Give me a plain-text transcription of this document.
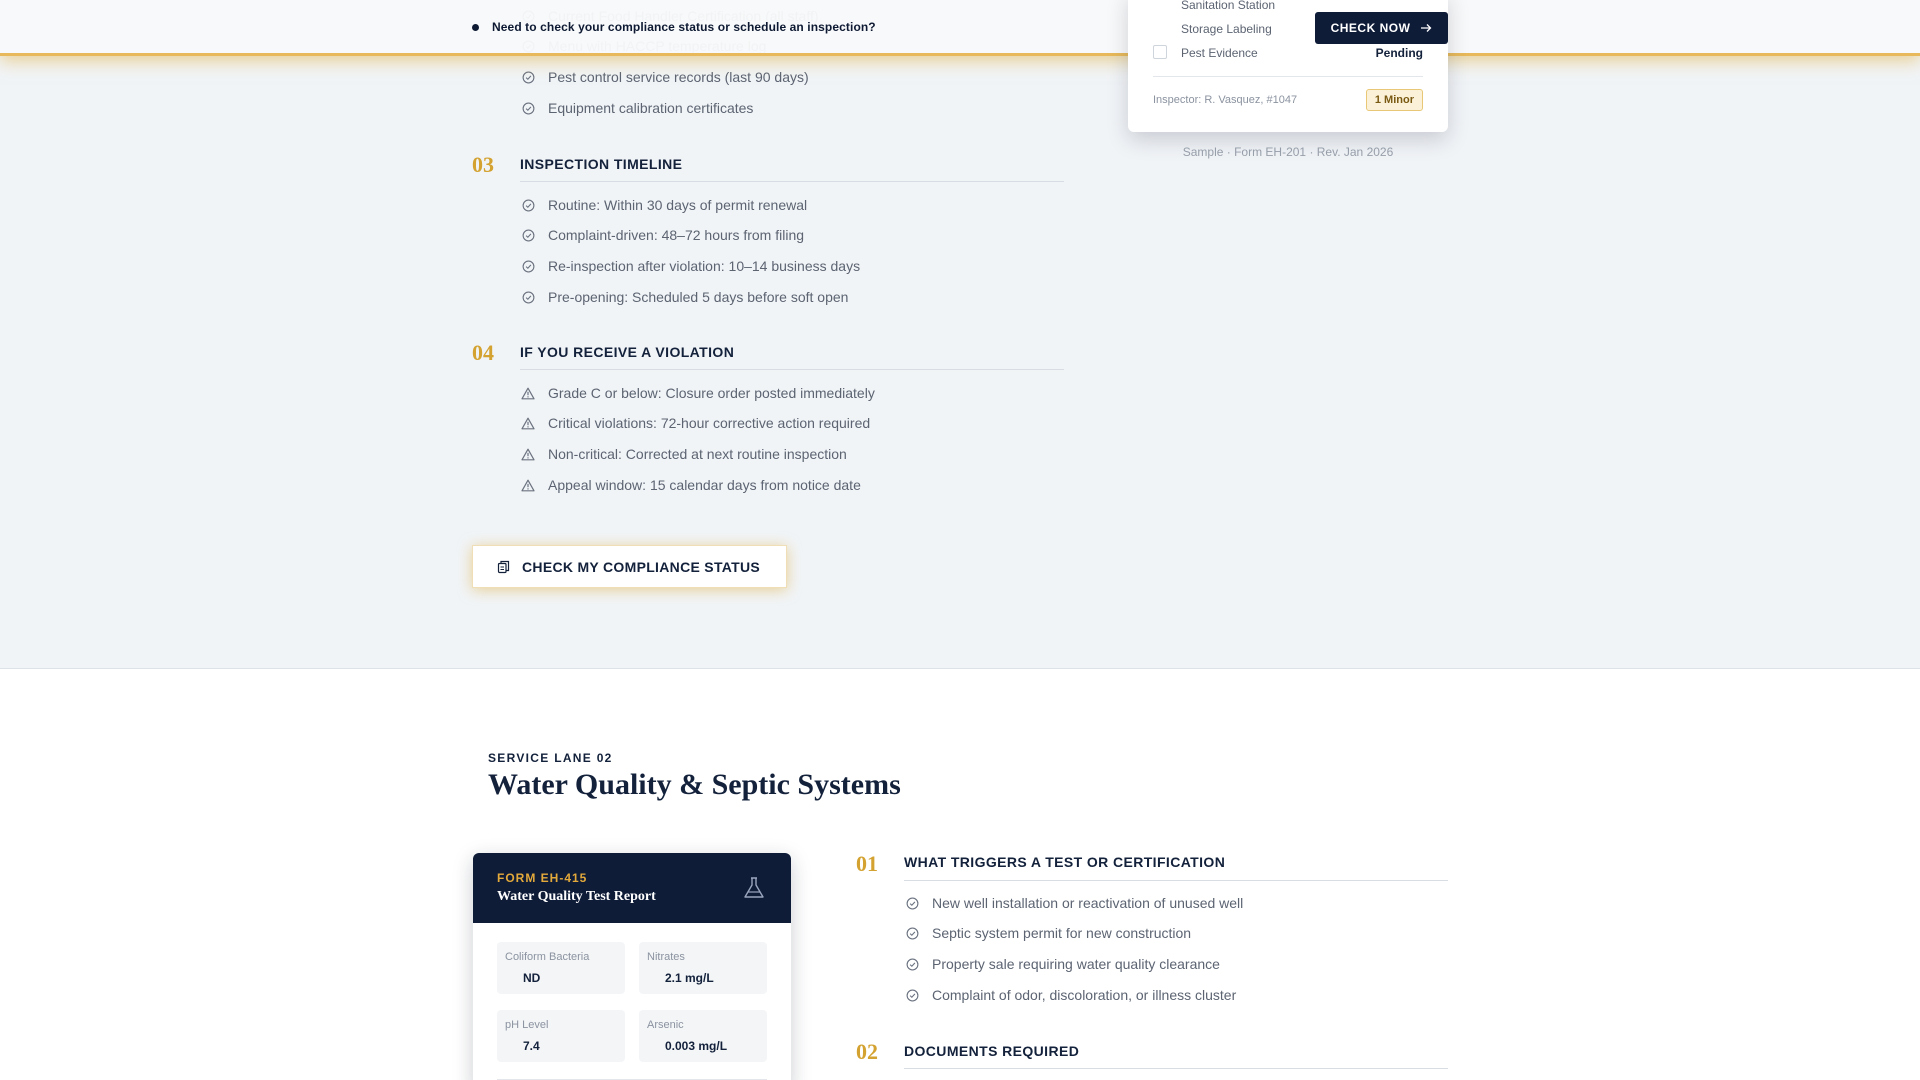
Pest control service records (last 90 days)
Equipment calibration certificates
03 INSPECTION TIMELINE
Routine: Within 30 days of permit renewal
Complaint-driven: 48–72 hours from filing
Re-inspection after violation: 10–14 business days
Pre-opening: Scheduled 5 days before soft open
04 IF YOU RECEIVE A VIOLATION
Grade C or below: Closure order posted immediately
Critical violations: 72-hour corrective action required
Non-critical: Corrected at next routine inspection
Appeal window: 15 calendar days from notice date
CHECK MY COMPLIANCE STATUS
Sample · Form EH-201 · Rev. Jan 2026
Need to check your compliance status or schedule an inspection?
Sanitation Station
Storage Labeling
Pest Evidence	Pending
Inspector: R. Vasquez, #1047	1 Minor
CHECK NOW
SERVICE LANE 02
Water Quality & Septic Systems
FORM EH-415
Water Quality Test Report
Coliform Bacteria
ND
Nitrates
2.1 mg/L
pH Level
7.4
Arsenic
0.003 mg/L
01 WHAT TRIGGERS A TEST OR CERTIFICATION
New well installation or reactivation of unused well
Septic system permit for new construction
Property sale requiring water quality clearance
Complaint of odor, discoloration, or illness cluster
02 DOCUMENTS REQUIRED
